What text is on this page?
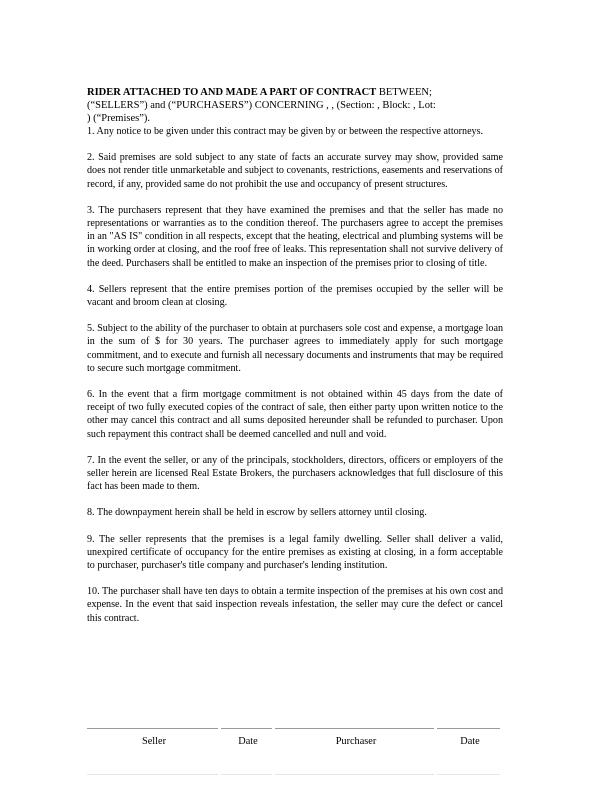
RIDER ATTACHED TO AND MADE A PART OF CONTRACT BETWEEN;
(“SELLERS”) and (“PURCHASERS”) CONCERNING , , (Section: , Block: , Lot:
) (“Premises”).

1. Any notice to be given under this contract may be given by or between the respective attorneys.

2. Said premises are sold subject to any state of facts an accurate survey may show, provided same does not render title unmarketable and subject to covenants, restrictions, easements and reservations of record, if any, provided same do not prohibit the use and occupancy of present structures.

3. The purchasers represent that they have examined the premises and that the seller has made no representations or warranties as to the condition thereof. The purchasers agree to accept the premises in an "AS IS" condition in all respects, except that the heating, electrical and plumbing systems will be in working order at closing, and the roof free of leaks. This representation shall not survive delivery of the deed. Purchasers shall be entitled to make an inspection of the premises prior to closing of title.

4. Sellers represent that the entire premises portion of the premises occupied by the seller will be vacant and broom clean at closing.

5. Subject to the ability of the purchaser to obtain at purchasers sole cost and expense, a mortgage loan in the sum of $ for 30 years. The purchaser agrees to immediately apply for such mortgage commitment, and to execute and furnish all necessary documents and instruments that may be required to secure such mortgage commitment.

6. In the event that a firm mortgage commitment is not obtained within 45 days from the date of receipt of two fully executed copies of the contract of sale, then either party upon written notice to the other may cancel this contract and all sums deposited hereunder shall be refunded to purchaser. Upon such repayment this contract shall be deemed cancelled and null and void.

7. In the event the seller, or any of the principals, stockholders, directors, officers or employers of the seller herein are licensed Real Estate Brokers, the purchasers acknowledges that full disclosure of this fact has been made to them.

8. The downpayment herein shall be held in escrow by sellers attorney until closing.

9. The seller represents that the premises is a legal family dwelling. Seller shall deliver a valid, unexpired certificate of occupancy for the entire premises as existing at closing, in a form acceptable to purchaser, purchaser's title company and purchaser's lending institution.

10. The purchaser shall have ten days to obtain a termite inspection of the premises at his own cost and expense. In the event that said inspection reveals infestation, the seller may cure the defect or cancel this contract.

Seller	Date	Purchaser	Date
